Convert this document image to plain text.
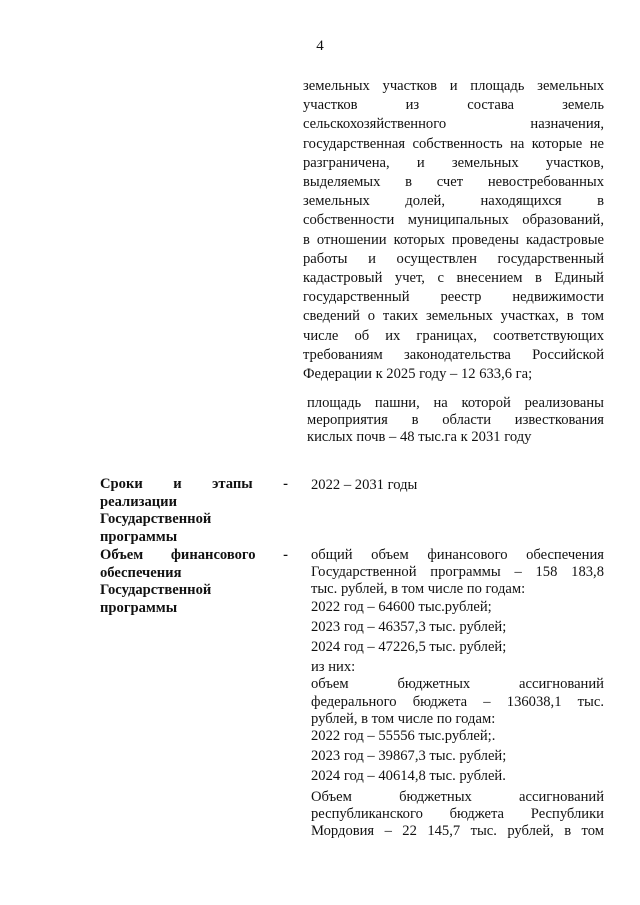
4
земельных участков и площадь земельных
участков из состава земель
сельскохозяйственного назначения,
государственная собственность на которые не
разграничена, и земельных участков,
выделяемых в счет невостребованных
земельных долей, находящихся в
собственности муниципальных образований,
в отношении которых проведены кадастровые
работы и осуществлен государственный
кадастровый учет, с внесением в Единый
государственный реестр недвижимости
сведений о таких земельных участках, в том
числе об их границах, соответствующих
требованиям законодательства Российской
Федерации к 2025 году – 12 633,6 га;
площадь пашни, на которой реализованы
мероприятия в области известкования
кислых почв – 48 тыс.га к 2031 году
Сроки и этапы -
реализации
Государственной
программы
2022 – 2031 годы
Объем финансового -
обеспечения
Государственной
программы
общий объем финансового обеспечения
Государственной программы – 158 183,8
тыс. рублей, в том числе по годам:
2022 год – 64600 тыс.рублей;
2023 год – 46357,3 тыс. рублей;
2024 год – 47226,5 тыс. рублей;
из них:
объем бюджетных ассигнований
федерального бюджета – 136038,1 тыс.
рублей, в том числе по годам:
2022 год – 55556 тыс.рублей;.
2023 год – 39867,3 тыс. рублей;
2024 год – 40614,8 тыс. рублей.
Объем бюджетных ассигнований
республиканского бюджета Республики
Мордовия – 22 145,7 тыс. рублей, в том
